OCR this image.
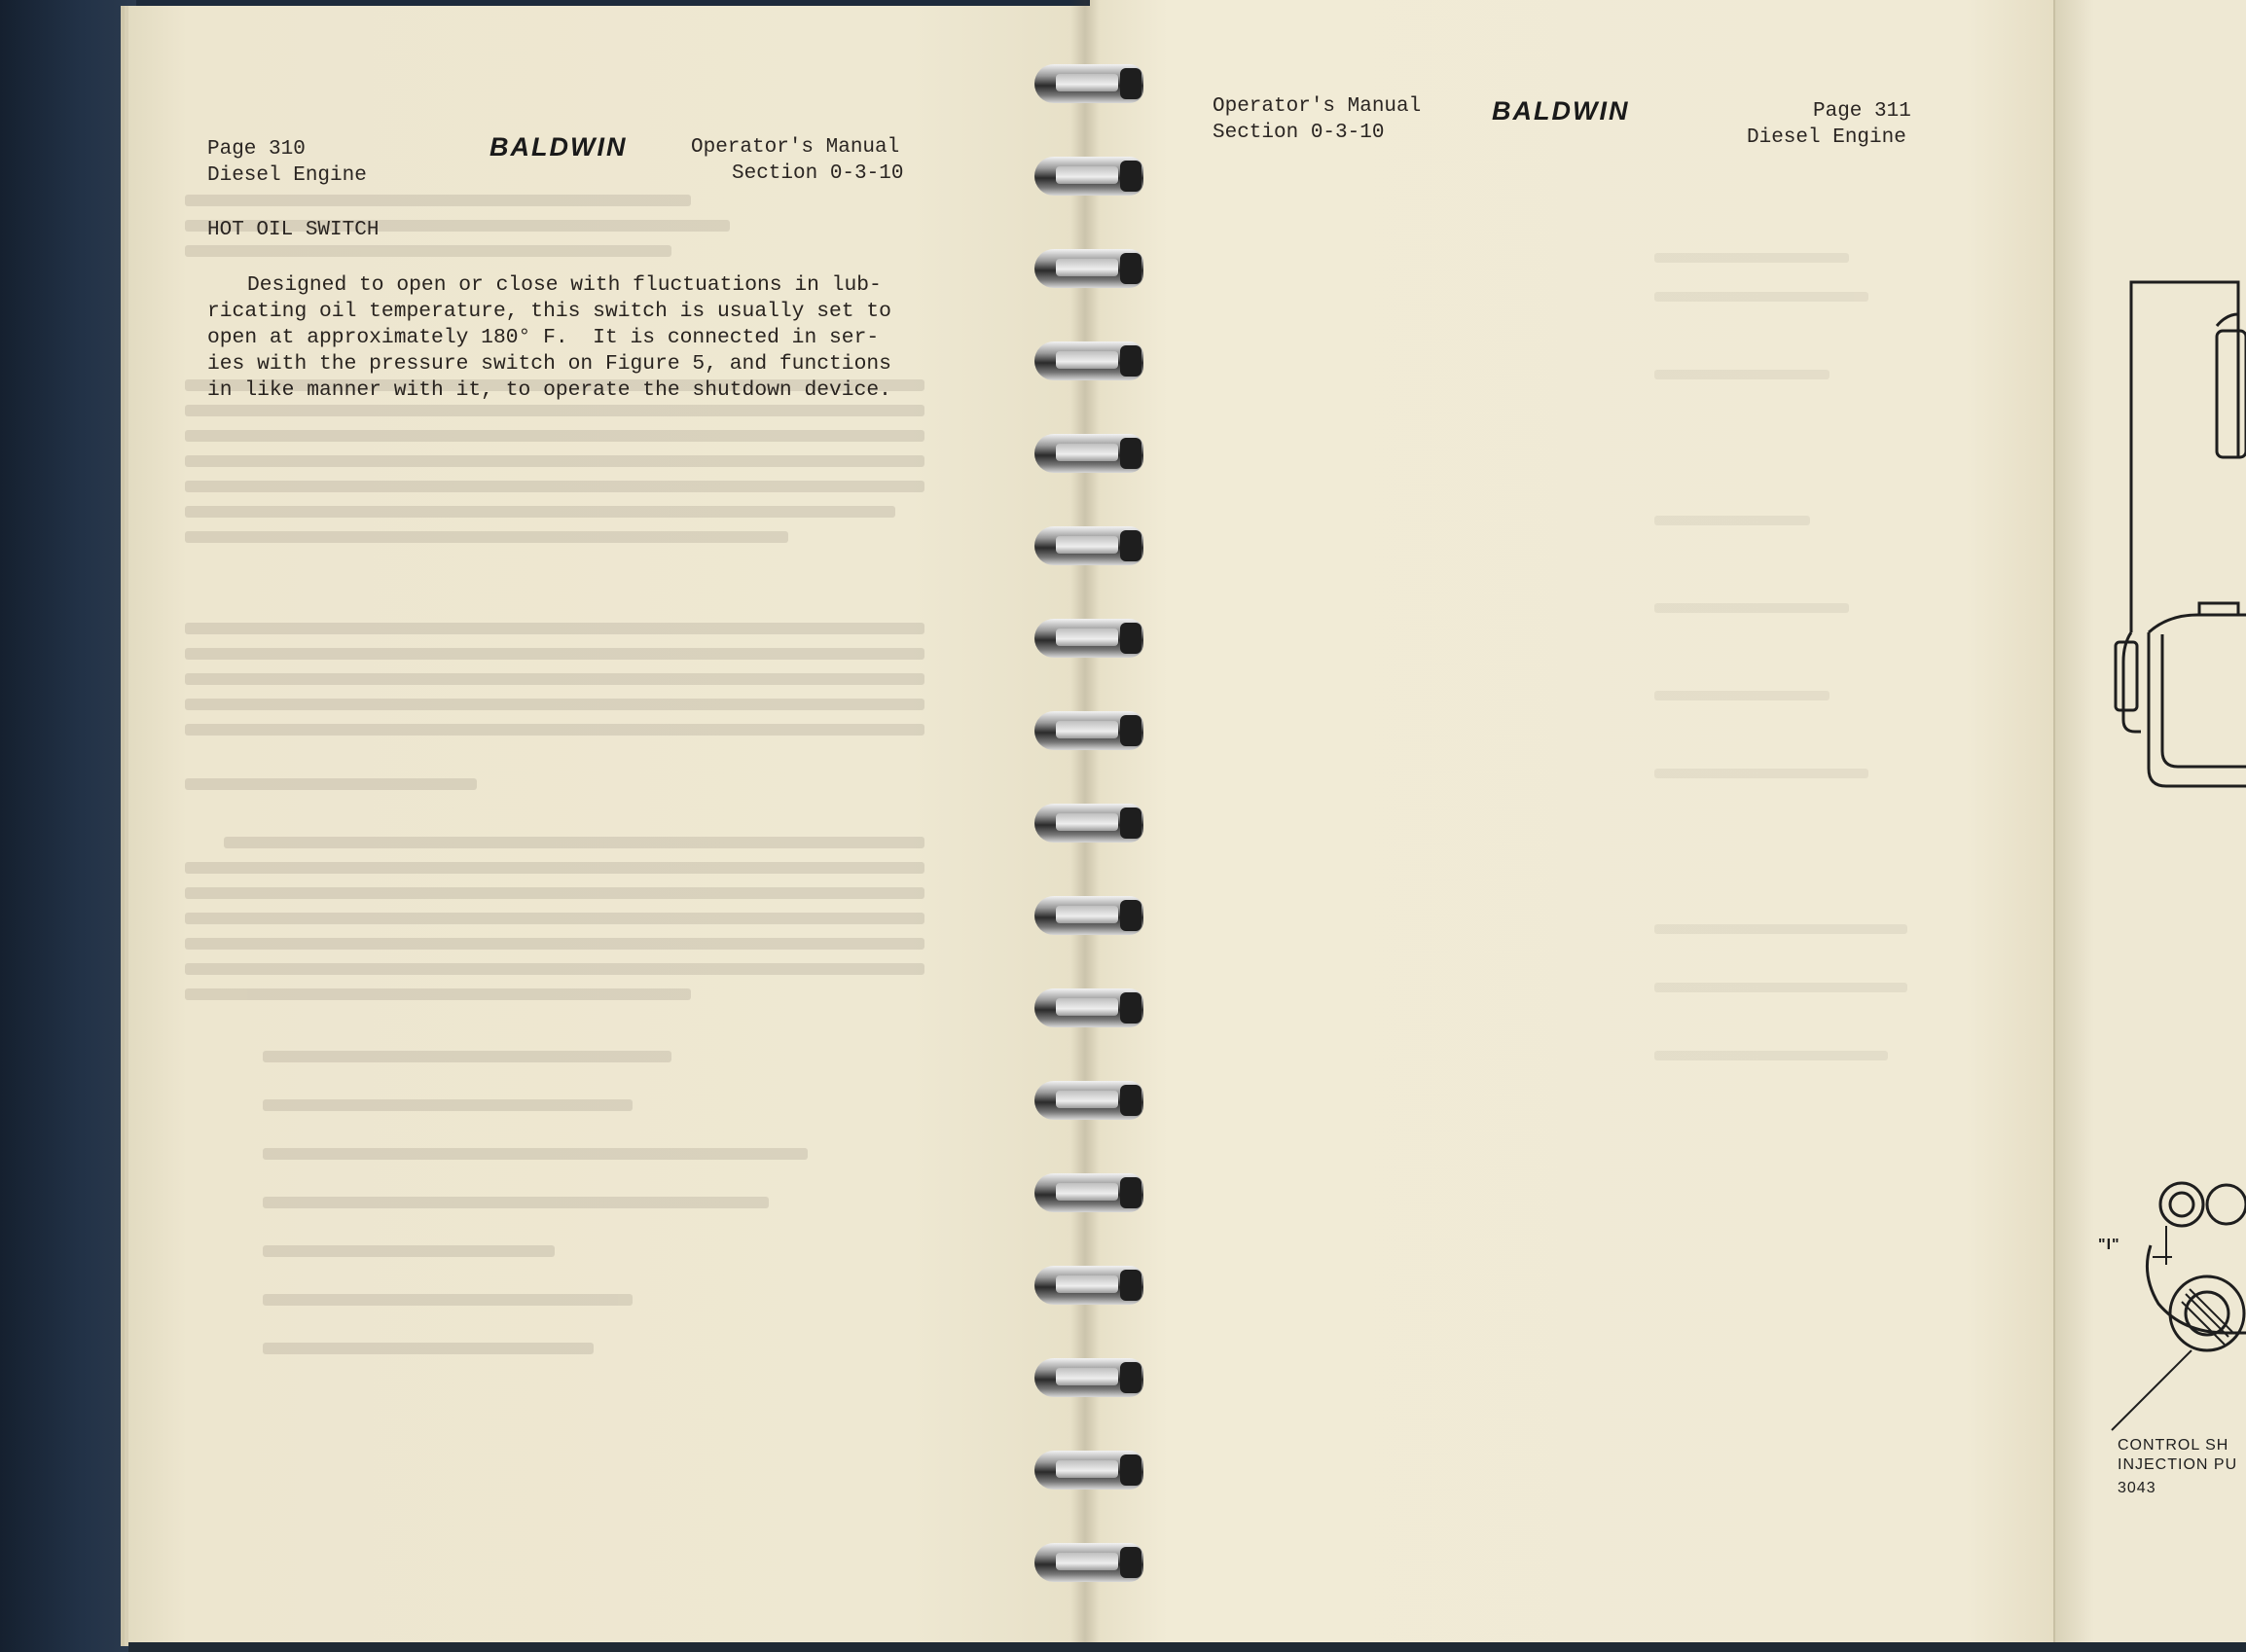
Page 310
Diesel Engine
BALDWIN	Operator's Manual
Section 0-3-10
HOT OIL SWITCH
Designed to open or close with fluctuations in lub-
ricating oil temperature, this switch is usually set to
open at approximately 180° F.  It is connected in ser-
ies with the pressure switch on Figure 5, and functions
in like manner with it, to operate the shutdown device.
Operator's Manual
Section 0-3-10
BALDWIN	Page 311
Diesel Engine
"I"
CONTROL SH
INJECTION PU
3043
